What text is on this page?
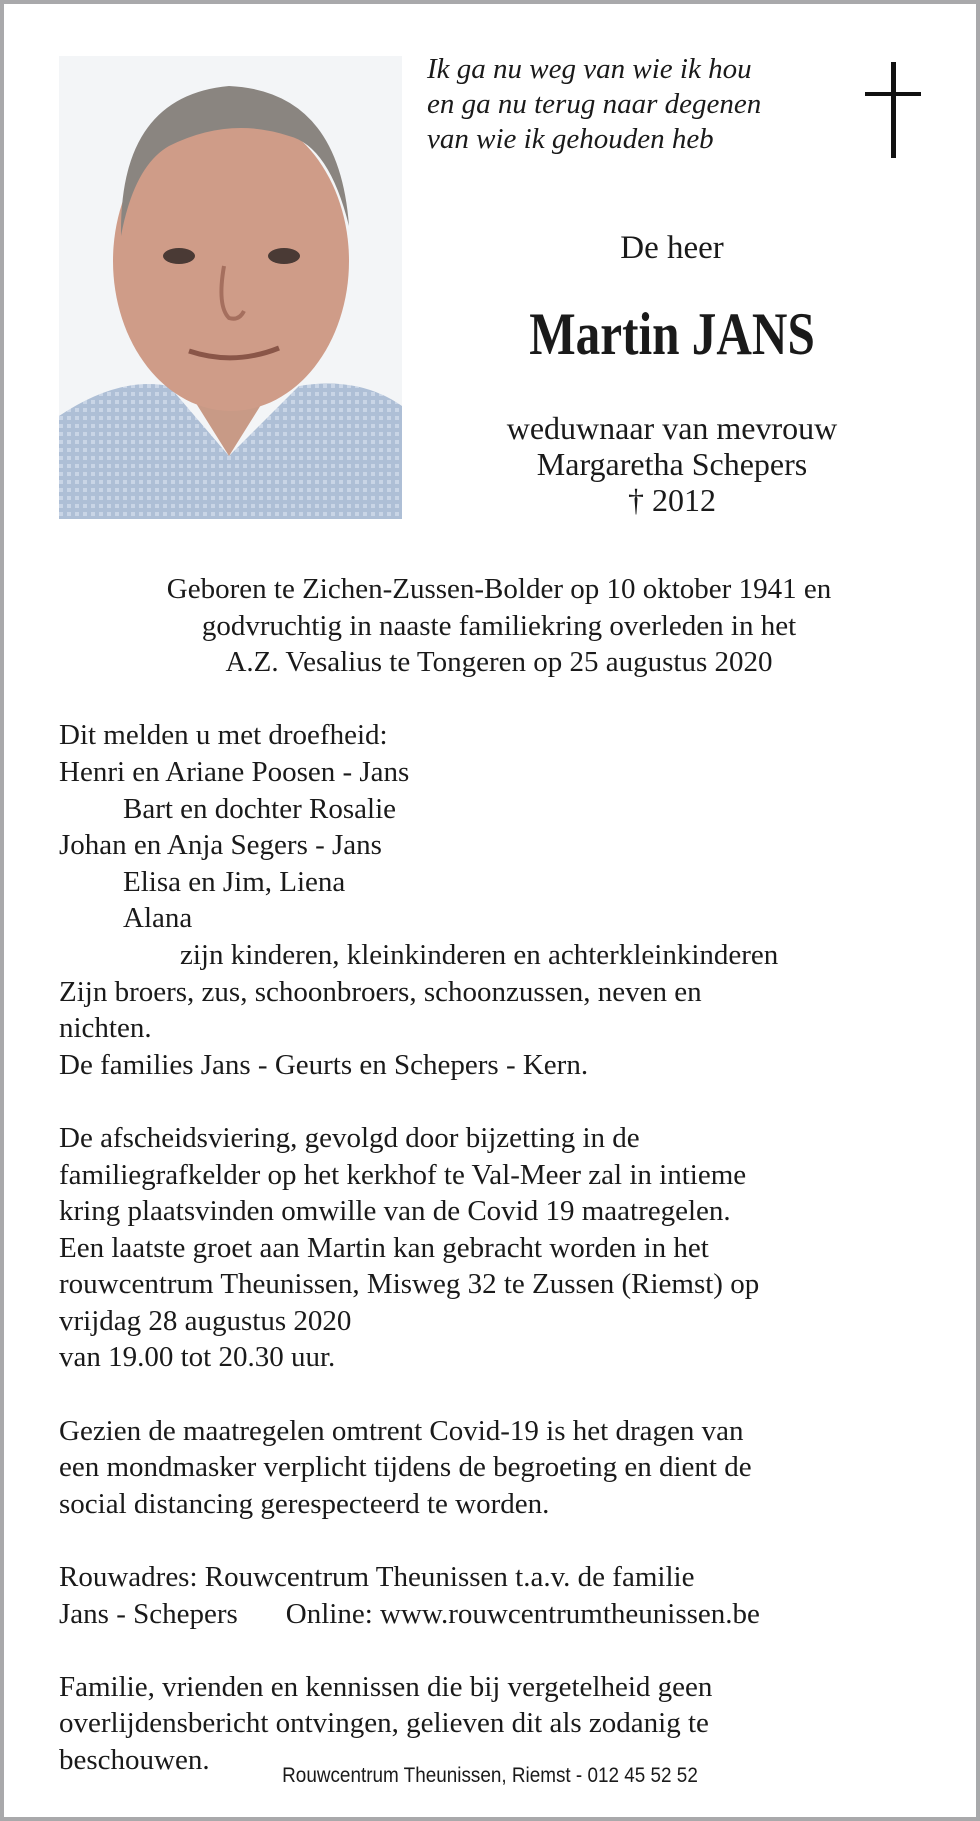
Ik ga nu weg van wie ik hou
en ga nu terug naar degenen
van wie ik gehouden heb
De heer
Martin JANS
weduwnaar van mevrouw
Margaretha Schepers
† 2012
Geboren te Zichen-Zussen-Bolder op 10 oktober 1941 en
godvruchtig in naaste familiekring overleden in het
A.Z. Vesalius te Tongeren op 25 augustus 2020
Dit melden u met droefheid:
Henri en Ariane Poosen - Jans
Bart en dochter Rosalie
Johan en Anja Segers - Jans
Elisa en Jim, Liena
Alana
zijn kinderen, kleinkinderen en achterkleinkinderen
Zijn broers, zus, schoonbroers, schoonzussen, neven en
nichten.
De families Jans - Geurts en Schepers - Kern.
De afscheidsviering, gevolgd door bijzetting in de
familiegrafkelder op het kerkhof te Val-Meer zal in intieme
kring plaatsvinden omwille van de Covid 19 maatregelen.
Een laatste groet aan Martin kan gebracht worden in het
rouwcentrum Theunissen, Misweg 32 te Zussen (Riemst) op
vrijdag 28 augustus 2020
van 19.00 tot 20.30 uur.
Gezien de maatregelen omtrent Covid-19 is het dragen van
een mondmasker verplicht tijdens de begroeting en dient de
social distancing gerespecteerd te worden.
Rouwadres: Rouwcentrum Theunissen t.a.v. de familie
Jans - Schepers Online: www.rouwcentrumtheunissen.be
Familie, vrienden en kennissen die bij vergetelheid geen
overlijdensbericht ontvingen, gelieven dit als zodanig te
beschouwen.	Rouwcentrum Theunissen, Riemst - 012 45 52 52
